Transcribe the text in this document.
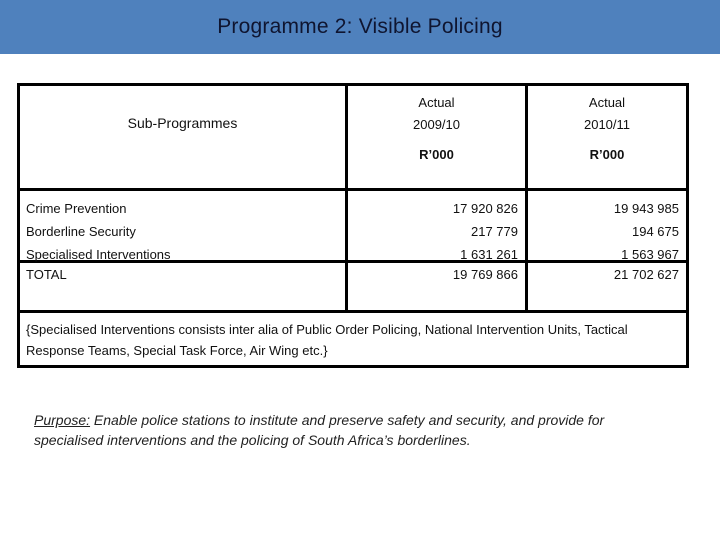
Programme 2: Visible Policing
Sub-Programmes
Actual
2009/10
R’000
Actual
2010/11
R’000
Crime Prevention
Borderline Security
Specialised Interventions
17 920 826
217 779
1 631 261
19 943 985
194 675
1 563 967
TOTAL	19 769 866	21 702 627
{Specialised Interventions consists inter alia of Public Order Policing, National Intervention Units, Tactical Response Teams, Special Task Force, Air Wing etc.}
Purpose: Enable police stations to institute and preserve safety and security, and provide for specialised interventions and the policing of South Africa’s borderlines.
